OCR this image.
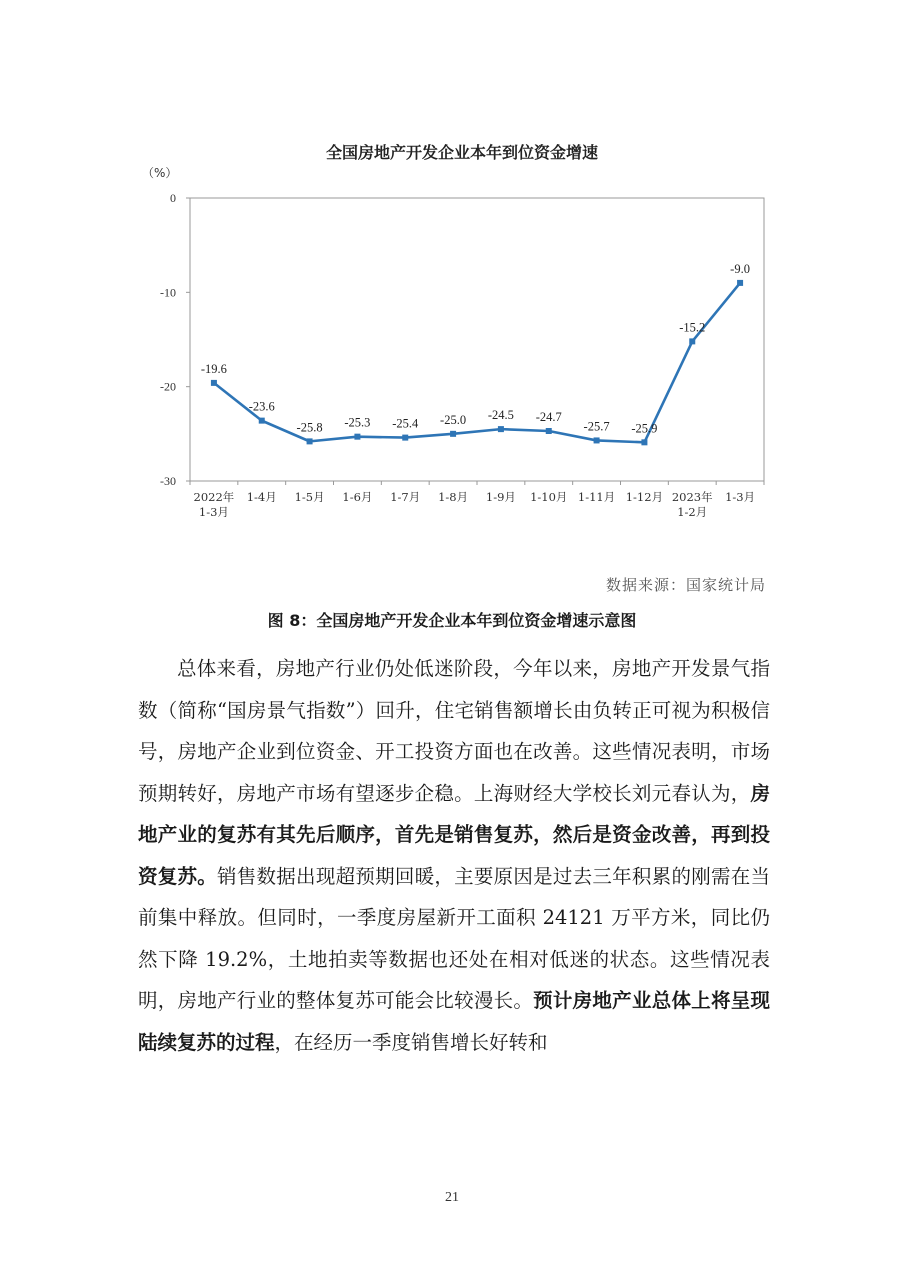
全国房地产开发企业本年到位资金增速
（%）
0
-10
-20
-30
2022年
1-3月
1-4月 1-5月 1-6月 1-7月 1-8月 1-9月 1-10月 1-11月 1-12月 2023年
1-2月
1-3月
-19.6
-23.6
-25.8 -25.3 -25.4 -25.0 -24.5 -24.7
-25.7 -25.9
-15.2
-9.0
数据来源：国家统计局
图 8：全国房地产开发企业本年到位资金增速示意图
总体来看，房地产行业仍处低迷阶段，今年以来，房地产开发景气指数（简称“国房景气指数”）回升，住宅销售额增长由负转正可视为积极信号，房地产企业到位资金、开工投资方面也在改善。这些情况表明，市场预期转好，房地产市场有望逐步企稳。上海财经大学校长刘元春认为，房地产业的复苏有其先后顺序，首先是销售复苏，然后是资金改善，再到投资复苏。销售数据出现超预期回暖，主要原因是过去三年积累的刚需在当前集中释放。但同时，一季度房屋新开工面积 24121 万平方米，同比仍然下降 19.2%，土地拍卖等数据也还处在相对低迷的状态。这些情况表明，房地产行业的整体复苏可能会比较漫长。预计房地产业总体上将呈现陆续复苏的过程，在经历一季度销售增长好转和
21
